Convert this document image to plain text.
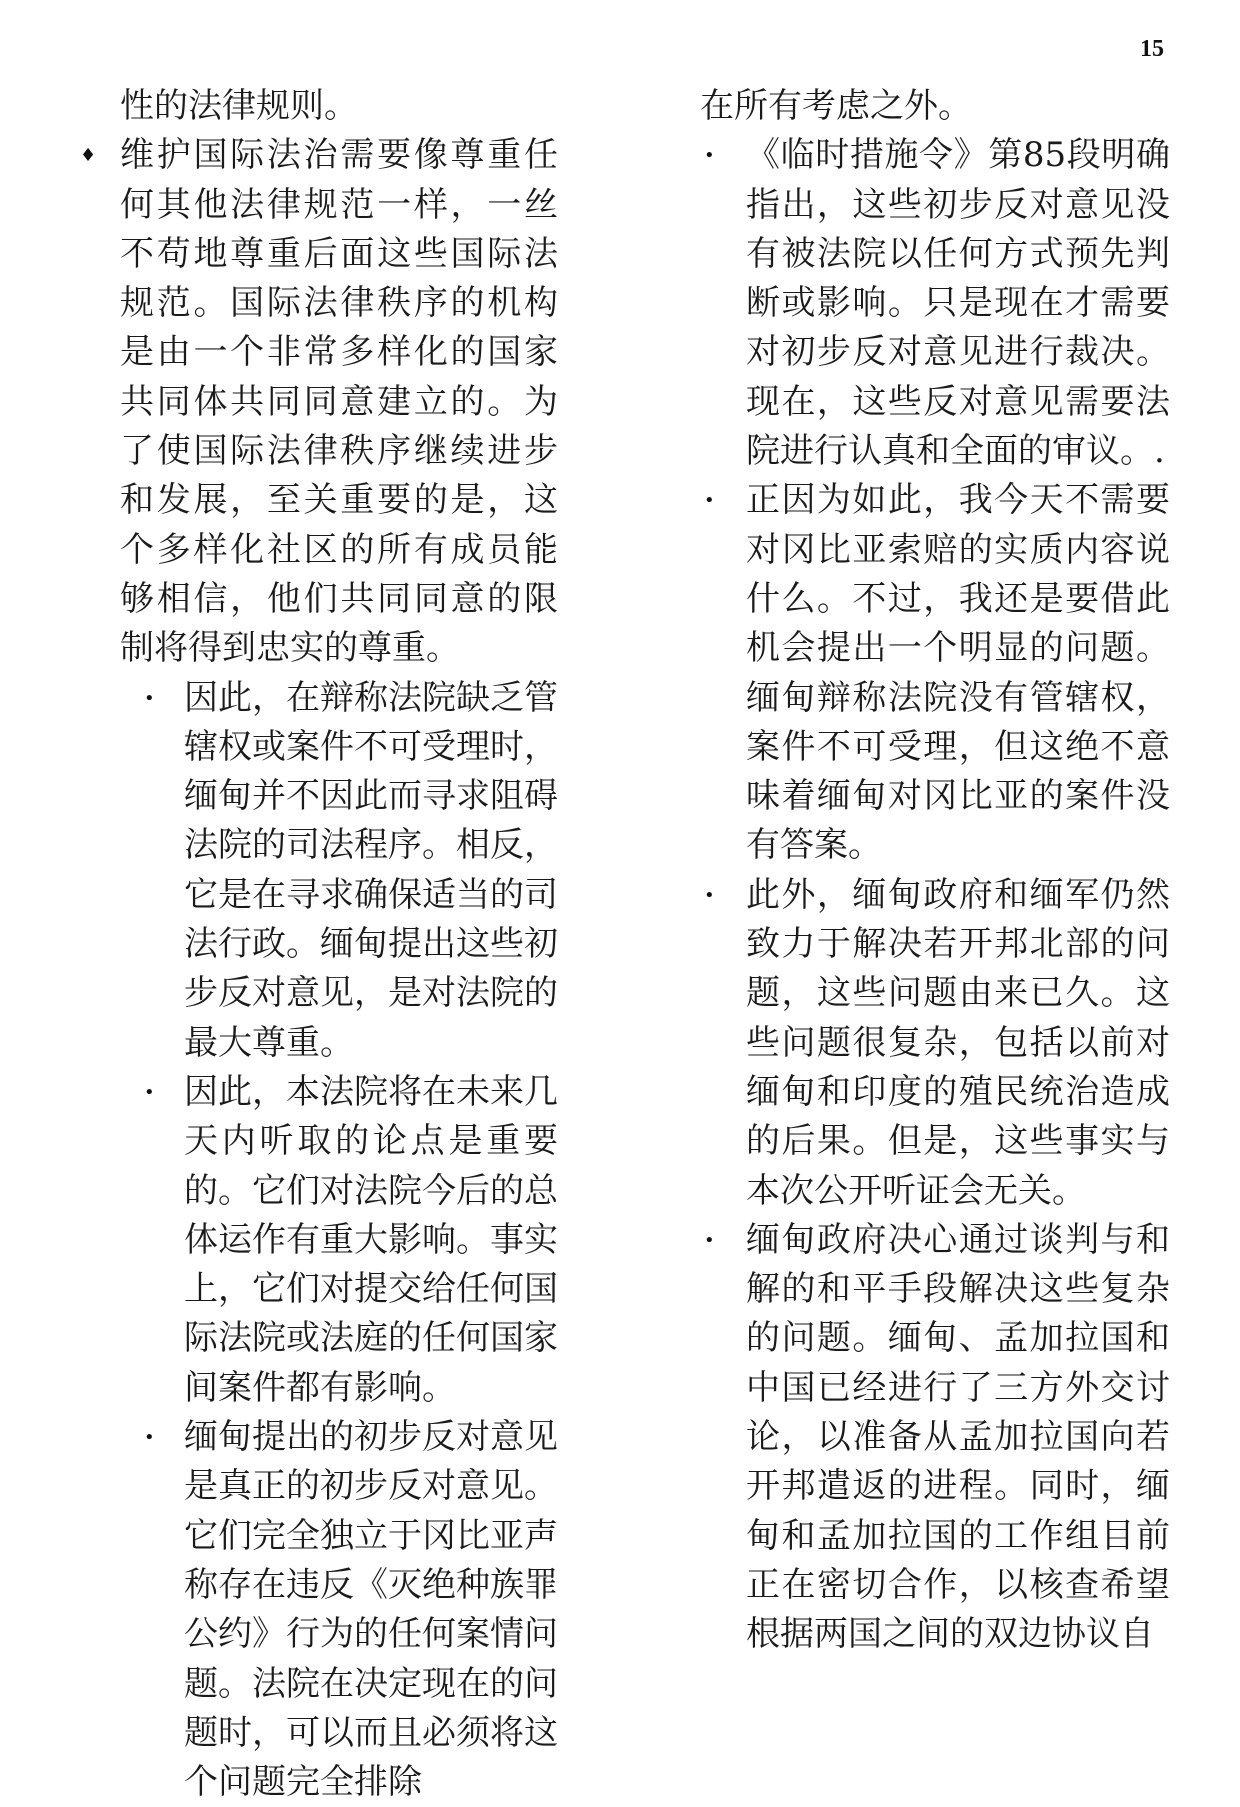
15

性的法律规则。

♦ 维护国际法治需要像尊重任何其他法律规范一样，一丝不苟地尊重后面这些国际法规范。国际法律秩序的机构是由一个非常多样化的国家共同体共同同意建立的。为了使国际法律秩序继续进步和发展，至关重要的是，这个多样化社区的所有成员能够相信，他们共同同意的限制将得到忠实的尊重。

• 因此，在辩称法院缺乏管辖权或案件不可受理时，缅甸并不因此而寻求阻碍法院的司法程序。相反，它是在寻求确保适当的司法行政。缅甸提出这些初步反对意见，是对法院的最大尊重。

• 因此，本法院将在未来几天内听取的论点是重要的。它们对法院今后的总体运作有重大影响。事实上，它们对提交给任何国际法院或法庭的任何国家间案件都有影响。

• 缅甸提出的初步反对意见是真正的初步反对意见。它们完全独立于冈比亚声称存在违反《灭绝种族罪公约》行为的任何案情问题。法院在决定现在的问题时，可以而且必须将这个问题完全排除

在所有考虑之外。

• 《临时措施令》第85段明确指出，这些初步反对意见没有被法院以任何方式预先判断或影响。只是现在才需要对初步反对意见进行裁决。现在，这些反对意见需要法院进行认真和全面的审议。.

• 正因为如此，我今天不需要对冈比亚索赔的实质内容说什么。不过，我还是要借此机会提出一个明显的问题。缅甸辩称法院没有管辖权，案件不可受理，但这绝不意味着缅甸对冈比亚的案件没有答案。

• 此外，缅甸政府和缅军仍然致力于解决若开邦北部的问题，这些问题由来已久。这些问题很复杂，包括以前对缅甸和印度的殖民统治造成的后果。但是，这些事实与本次公开听证会无关。

• 缅甸政府决心通过谈判与和解的和平手段解决这些复杂的问题。缅甸、孟加拉国和中国已经进行了三方外交讨论，以准备从孟加拉国向若开邦遣返的进程。同时，缅甸和孟加拉国的工作组目前正在密切合作，以核查希望根据两国之间的双边协议自
